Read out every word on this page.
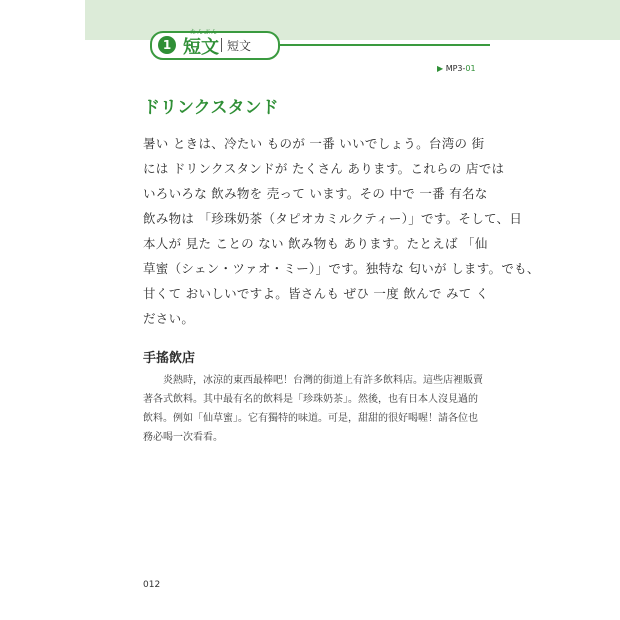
1
たんぶん
短文 短文
▶ MP3-01
ドリンクスタンド
暑い ときは、冷たい ものが 一番 いいでしょう。台湾の 街
には ドリンクスタンドが たくさん あります。これらの 店では
いろいろな 飲み物を 売って います。その 中で 一番 有名な
飲み物は 「珍珠奶茶（タピオカミルクティー）」です。そして、日
本人が 見た ことの ない 飲み物も あります。たとえば 「仙
草蜜（シェン・ツァオ・ミー）」です。独特な 匂いが します。でも、
甘くて おいしいですよ。皆さんも ぜひ 一度 飲んで みて く
ださい。
手搖飲店
炎熱時，冰涼的東西最棒吧！台灣的街道上有許多飲料店。這些店裡販賣
著各式飲料。其中最有名的飲料是「珍珠奶茶」。然後，也有日本人沒見過的
飲料。例如「仙草蜜」。它有獨特的味道。可是，甜甜的很好喝喔！請各位也
務必喝一次看看。
012
